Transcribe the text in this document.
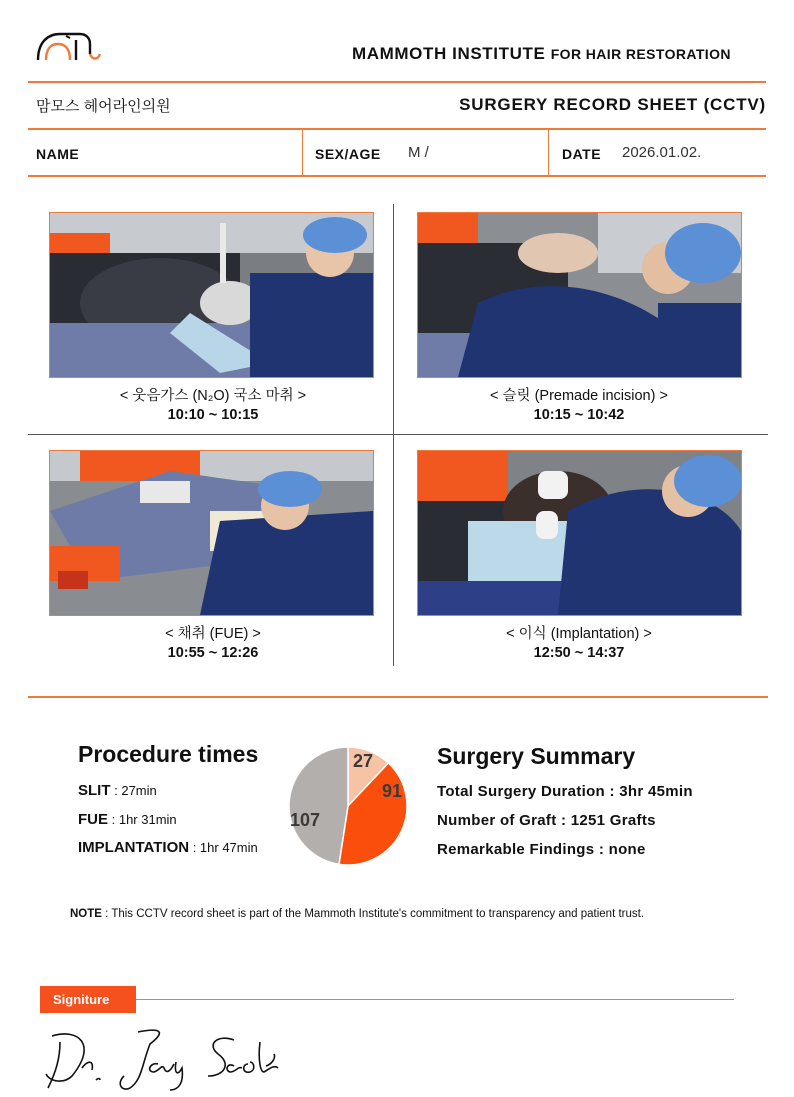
MAMMOTH INSTITUTE FOR HAIR RESTORATION
맘모스 헤어라인의원	SURGERY RECORD SHEET (CCTV)
NAME	SEX/AGE M /	DATE 2026.01.02.
< 웃음가스 (N₂O) 국소 마취 >
10:10 ~ 10:15
< 슬릿 (Premade incision) >
10:15 ~ 10:42
< 채취 (FUE) >
10:55 ~ 12:26
< 이식 (Implantation) >
12:50 ~ 14:37
Procedure times
SLIT : 27min
FUE : 1hr 31min
IMPLANTATION : 1hr 47min
27
91
107
Surgery Summary
Total Surgery Duration : 3hr 45min
Number of Graft : 1251 Grafts
Remarkable Findings : none
NOTE : This CCTV record sheet is part of the Mammoth Institute's commitment to transparency and patient trust.
Signiture
